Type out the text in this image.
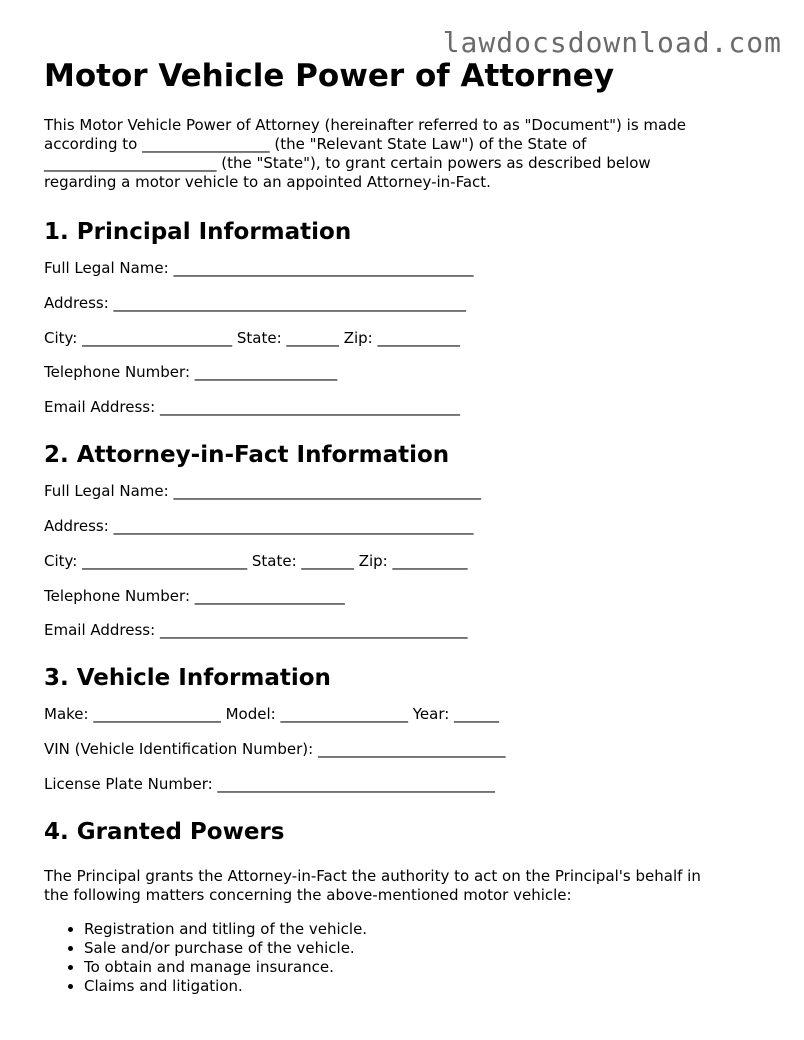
lawdocsdownload.com
Motor Vehicle Power of Attorney
This Motor Vehicle Power of Attorney (hereinafter referred to as "Document") is made
according to _________________ (the "Relevant State Law") of the State of
_______________________ (the "State"), to grant certain powers as described below
regarding a motor vehicle to an appointed Attorney-in-Fact.
1. Principal Information
Full Legal Name: ________________________________________
Address: _______________________________________________
City: ____________________ State: _______ Zip: ___________
Telephone Number: ___________________
Email Address: ________________________________________
2. Attorney-in-Fact Information
Full Legal Name: _________________________________________
Address: ________________________________________________
City: ______________________ State: _______ Zip: __________
Telephone Number: ____________________
Email Address: _________________________________________
3. Vehicle Information
Make: _________________ Model: _________________ Year: ______
VIN (Vehicle Identification Number): _________________________
License Plate Number: _____________________________________
4. Granted Powers
The Principal grants the Attorney-in-Fact the authority to act on the Principal's behalf in
the following matters concerning the above-mentioned motor vehicle:
• Registration and titling of the vehicle.
• Sale and/or purchase of the vehicle.
• To obtain and manage insurance.
• Claims and litigation.
